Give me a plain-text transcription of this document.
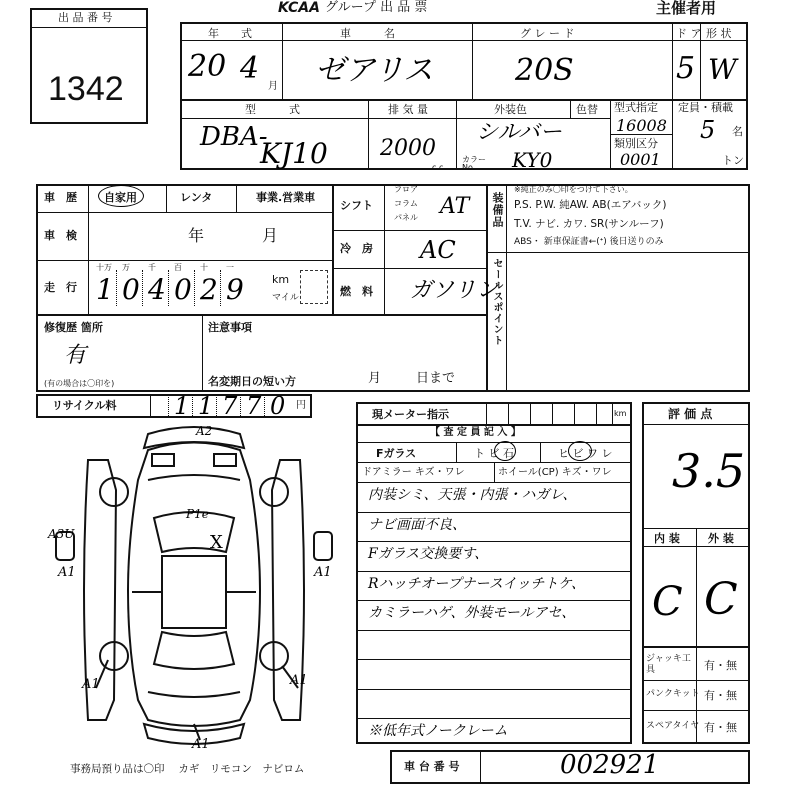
出 品 番 号
1342
KCAA グループ 出 品 票	主催者用
年　　式
20 4
月
車　　　名
ゼアリス
グ レ ー ド
20S
ド ア
5
形 状
W
型　　　式
DBA-
KJ10
排 気 量
2000
c.c.
外装色	色替
シルバー
カラー No.	KY0
型式指定
16008
類別区分
0001
定員・積載
5 名
トン
車　歴 自家用	レンタ	事業.営業車
車　検	年	月
走　行
十万
1
万
0
千
4
百
0
十
2
一
9	km
マイル
シフト
フロア
コラム
パネル AT
冷　房 AC
燃　料 ガソリン
装備品
※純正のみ〇印をつけて下さい。
P.S. P.W. 純AW. AB(エアバック)
T.V. ナビ. カワ. SR(サンルーフ)
ABS・ 新車保証書←(ᐩ) 後日送りのみ
セールスポイント
修復歴 箇所
有
(有の場合は〇印を)
注意事項
名変期日の短い方	月	日まで
リサイクル料 1 1 7 7 0 円
A2
A3U
A1	A1
A1	A1
A1
P1e
X
事務局預り品は〇印　 カギ　リモコン　ナビロム
現メーター指示	km
【 査 定 員 記 入 】
Fガラス	ト ビ 石	ヒ ビ ワ レ
ドアミラー キズ・ワレ	ホイール(CP) キズ・ワレ
内装シミ、天張・内張・ハガレ、
ナビ画面不良、
Fガラス交換要す、
Rハッチオープナースイッチトケ、
カミラーハゲ、外装モールアセ、
※低年式ノークレーム
評 価 点
3.5
内 装	外 装
C C
ジャッキ工 具	有・無
パンクキット 有・無
スペアタイヤ 有・無
車 台 番 号	002921
